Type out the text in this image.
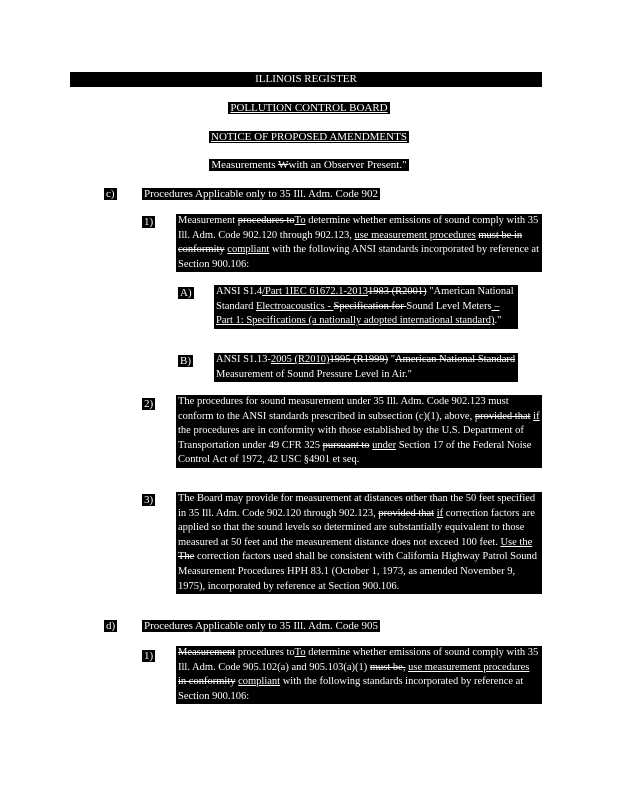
ILLINOIS REGISTER
POLLUTION CONTROL BOARD
NOTICE OF PROPOSED AMENDMENTS
Measurements Wwith an Observer Present."
c)	Procedures Applicable only to 35 Ill. Adm. Code 902
1) Measurement procedures toTo determine whether emissions of sound comply with 35 Ill. Adm. Code 902.120 through 902.123, use measurement procedures must be in conformity compliant with the following ANSI standards incorporated by reference at Section 900.106:
A) ANSI S1.4/Part 1IEC 61672.1-20131983 (R2001) "American National Standard Electroacoustics - Specification for Sound Level Meters – Part 1: Specifications (a nationally adopted international standard)."
B) ANSI S1.13-2005 (R2010)1995 (R1999) "American National Standard Measurement of Sound Pressure Level in Air."
2) The procedures for sound measurement under 35 Ill. Adm. Code 902.123 must conform to the ANSI standards prescribed in subsection (c)(1), above, provided that if the procedures are in conformity with those established by the U.S. Department of Transportation under 49 CFR 325 pursuant to under Section 17 of the Federal Noise Control Act of 1972, 42 USC §4901 et seq.
3) The Board may provide for measurement at distances other than the 50 feet specified in 35 Ill. Adm. Code 902.120 through 902.123, provided that if correction factors are applied so that the sound levels so determined are substantially equivalent to those measured at 50 feet and the measurement distance does not exceed 100 feet. Use the The correction factors used shall be consistent with California Highway Patrol Sound Measurement Procedures HPH 83.1 (October 1, 1973, as amended November 9, 1975), incorporated by reference at Section 900.106.
d)	Procedures Applicable only to 35 Ill. Adm. Code 905
1) Measurement procedures toTo determine whether emissions of sound comply with 35 Ill. Adm. Code 905.102(a) and 905.103(a)(1) must be, use measurement procedures in conformity compliant with the following standards incorporated by reference at Section 900.106:
